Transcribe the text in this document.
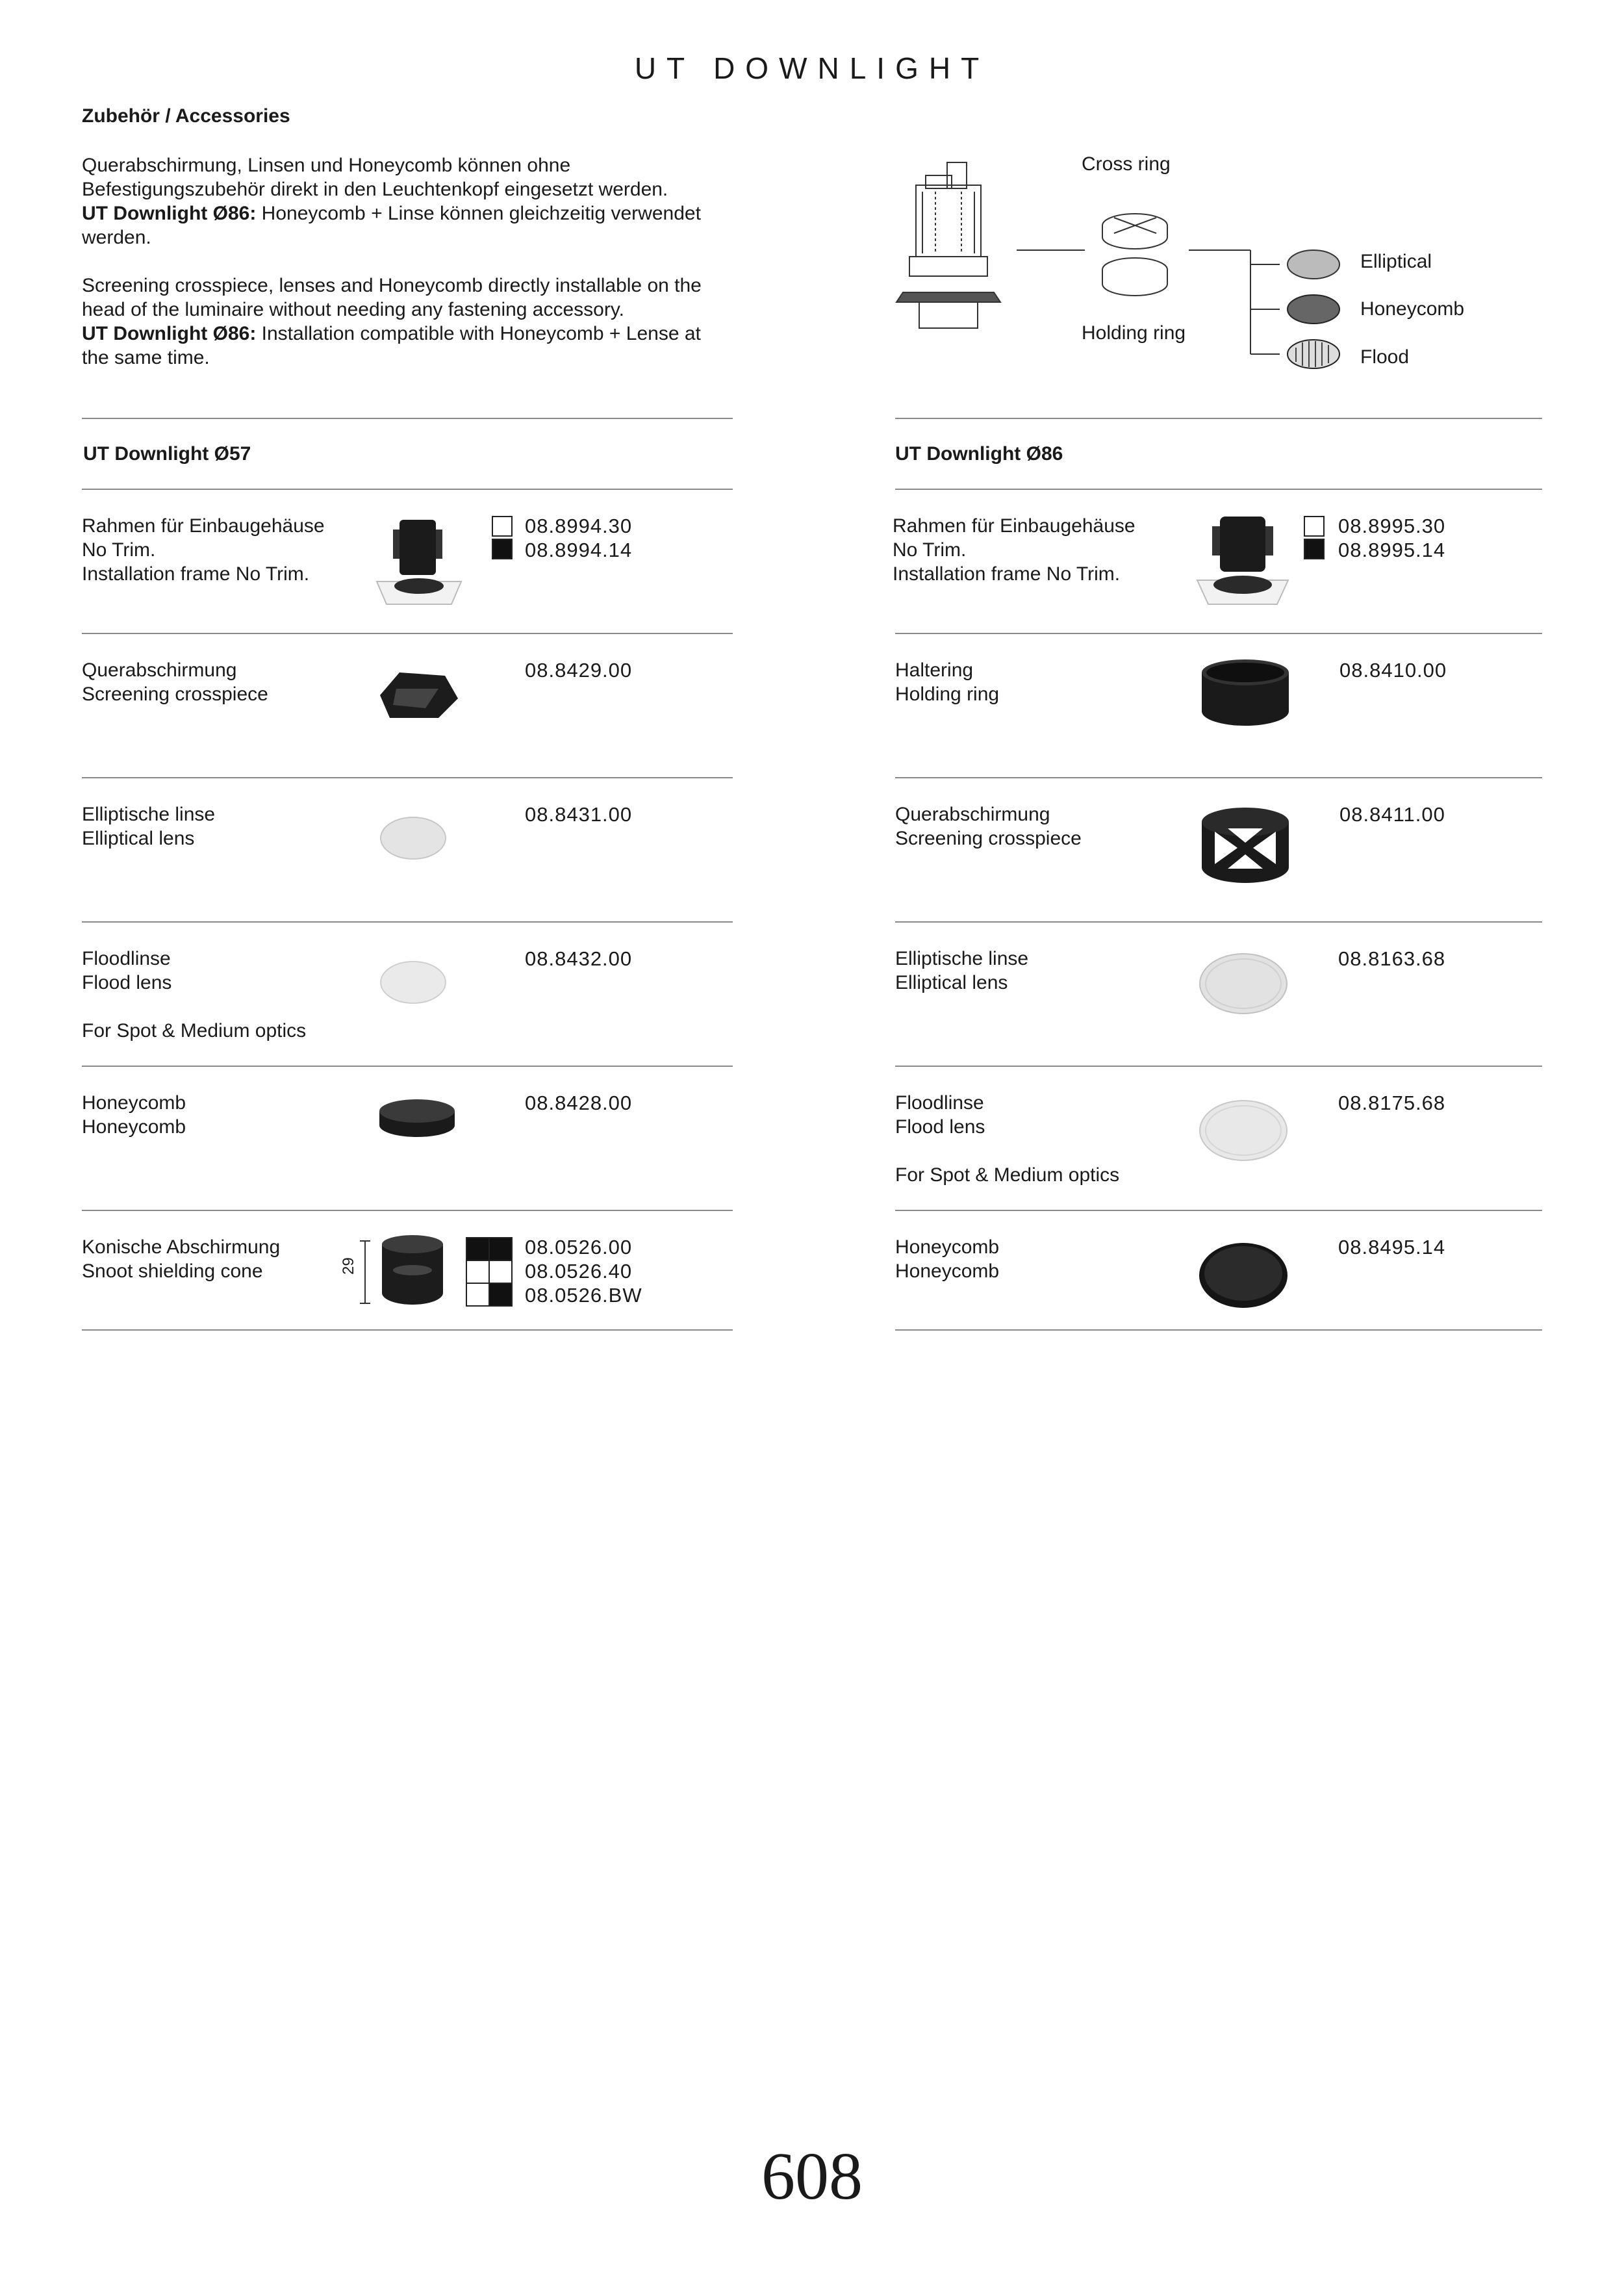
UT DOWNLIGHT
Zubehör / Accessories
Querabschirmung, Linsen und Honeycomb können ohne
Befestigungszubehör direkt in den Leuchtenkopf eingesetzt werden.
UT Downlight Ø86: Honeycomb + Linse können gleichzeitig verwendet
werden.
Screening crosspiece, lenses and Honeycomb directly installable on the
head of the luminaire without needing any fastening accessory.
UT Downlight Ø86: Installation compatible with Honeycomb + Lense at
the same time.
Cross ring
Holding ring
Elliptical
Honeycomb
Flood
UT Downlight Ø57
Rahmen für Einbaugehäuse
No Trim.
Installation frame No Trim.
08.8994.30
08.8994.14
Querabschirmung
Screening crosspiece
08.8429.00
Elliptische linse
Elliptical lens
08.8431.00
Floodlinse
Flood lens
For Spot & Medium optics
08.8432.00
Honeycomb
Honeycomb
08.8428.00
Konische Abschirmung
Snoot shielding cone	29
08.0526.00
08.0526.40
08.0526.BW
UT Downlight Ø86
Rahmen für Einbaugehäuse
No Trim.
Installation frame No Trim.
08.8995.30
08.8995.14
Haltering
Holding ring
08.8410.00
Querabschirmung
Screening crosspiece
08.8411.00
Elliptische linse
Elliptical lens
08.8163.68
Floodlinse
Flood lens
For Spot & Medium optics
08.8175.68
Honeycomb
Honeycomb
08.8495.14
608
